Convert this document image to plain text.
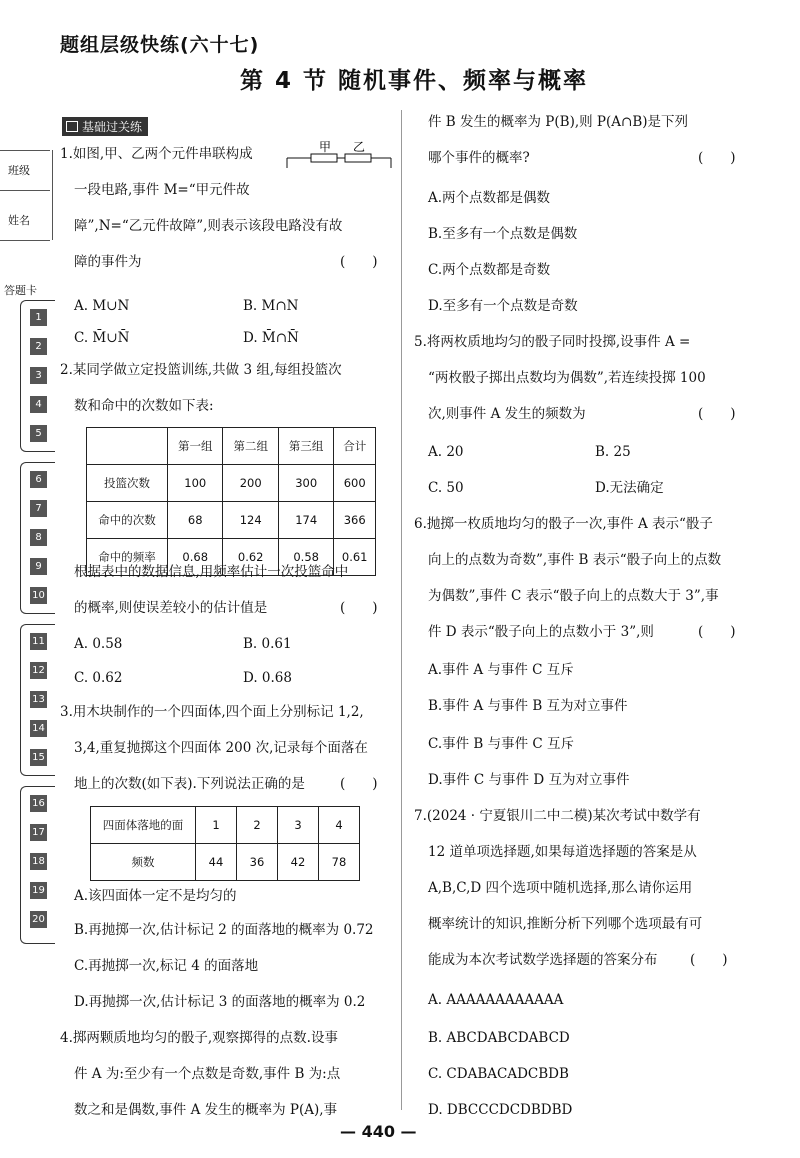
题组层级快练(六十七)
第 4 节 随机事件、频率与概率
基础过关练
班级
姓名
答题卡
1
2
3
4
5
6
7
8
9
10
11
12
13
14
15
16
17
18
19
20
1.如图,甲、乙两个元件串联构成
一段电路,事件 M=“甲元件故
障”,N=“乙元件故障”,则表示该段电路没有故
障的事件为	(　　)
甲 乙
A. M∪N	B. M∩N
C. M̄∪N̄	D. M̄∩N̄
2.某同学做立定投篮训练,共做 3 组,每组投篮次
数和命中的次数如下表:
	第一组	第二组	第三组	合计
投篮次数	100	200	300	600
命中的次数	68	124	174	366
命中的频率	0.68	0.62	0.58	0.61
根据表中的数据信息,用频率估计一次投篮命中
的概率,则使误差较小的估计值是	(　　)
A. 0.58	B. 0.61
C. 0.62	D. 0.68
3.用木块制作的一个四面体,四个面上分别标记 1,2,
3,4,重复抛掷这个四面体 200 次,记录每个面落在
地上的次数(如下表).下列说法正确的是	(　　)
四面体落地的面	1	2	3	4
频数	44	36	42	78
A.该四面体一定不是均匀的
B.再抛掷一次,估计标记 2 的面落地的概率为 0.72
C.再抛掷一次,标记 4 的面落地
D.再抛掷一次,估计标记 3 的面落地的概率为 0.2
4.掷两颗质地均匀的骰子,观察掷得的点数.设事
件 A 为:至少有一个点数是奇数,事件 B 为:点
数之和是偶数,事件 A 发生的概率为 P(A),事
件 B 发生的概率为 P(B),则 P(A∩B)是下列
哪个事件的概率?	(　　)
A.两个点数都是偶数
B.至多有一个点数是偶数
C.两个点数都是奇数
D.至多有一个点数是奇数
5.将两枚质地均匀的骰子同时投掷,设事件 A =
“两枚骰子掷出点数均为偶数”,若连续投掷 100
次,则事件 A 发生的频数为	(　　)
A. 20	B. 25
C. 50	D.无法确定
6.抛掷一枚质地均匀的骰子一次,事件 A 表示“骰子
向上的点数为奇数”,事件 B 表示“骰子向上的点数
为偶数”,事件 C 表示“骰子向上的点数大于 3”,事
件 D 表示“骰子向上的点数小于 3”,则	(　　)
A.事件 A 与事件 C 互斥
B.事件 A 与事件 B 互为对立事件
C.事件 B 与事件 C 互斥
D.事件 C 与事件 D 互为对立事件
7.(2024 · 宁夏银川二中二模)某次考试中数学有
12 道单项选择题,如果每道选择题的答案是从
A,B,C,D 四个选项中随机选择,那么请你运用
概率统计的知识,推断分析下列哪个选项最有可
能成为本次考试数学选择题的答案分布 (　　)
A. AAAAAAAAAAAA
B. ABCDABCDABCD
C. CDABACADCBDB
D. DBCCCDCDBDBD
— 440 —
